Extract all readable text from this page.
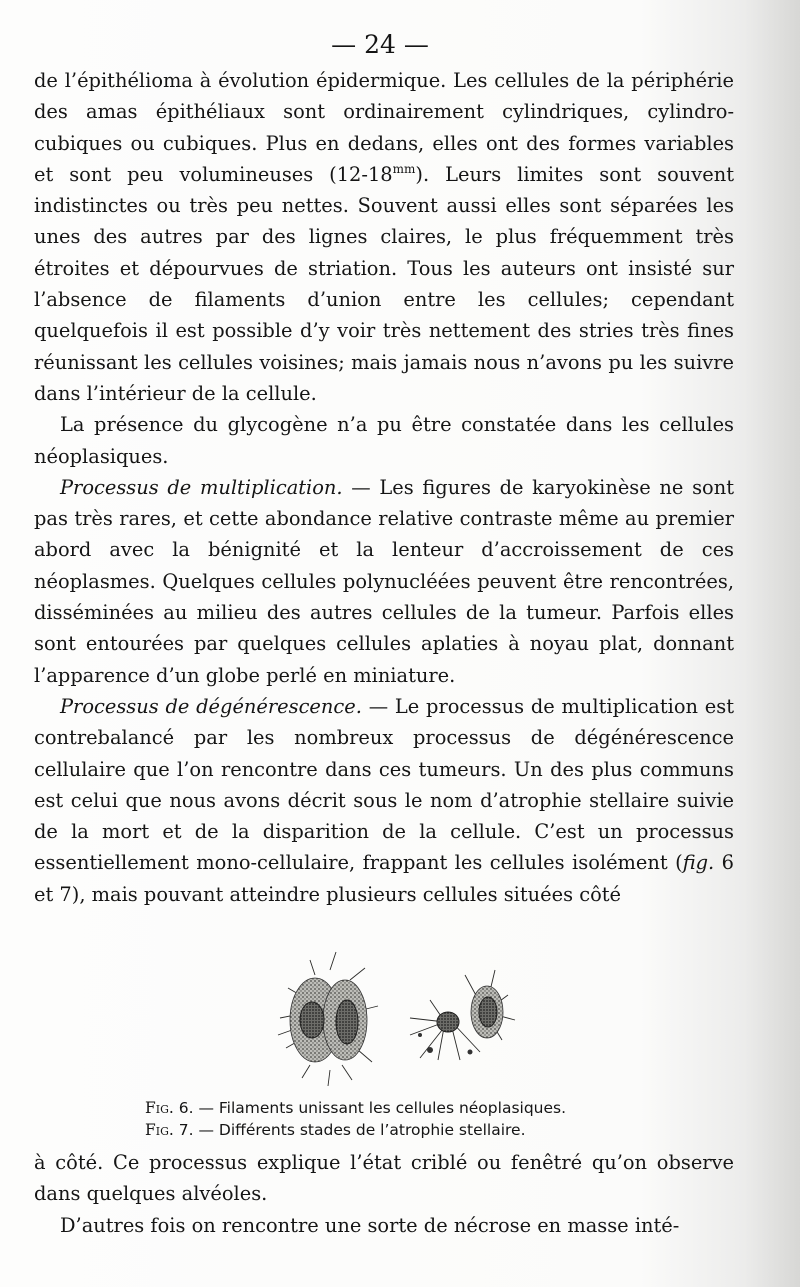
— 24 —

de l’épithélioma à évolution épidermique. Les cellules de la périphérie des amas épithéliaux sont ordinairement cylindriques, cylindro-cubiques ou cubiques. Plus en dedans, elles ont des formes variables et sont peu volumineuses $(12-18^{mm})$. Leurs limites sont souvent indistinctes ou très peu nettes. Souvent aussi elles sont séparées les unes des autres par des lignes claires, le plus fréquemment très étroites et dépourvues de striation. Tous les auteurs ont insisté sur l’absence de filaments d’union entre les cellules; cependant quelquefois il est possible d’y voir très nettement des stries très fines réunissant les cellules voisines; mais jamais nous n’avons pu les suivre dans l’intérieur de la cellule.

La présence du glycogène n’a pu être constatée dans les cellules néoplasiques.

Processus de multiplication. — Les figures de karyokinèse ne sont pas très rares, et cette abondance relative contraste même au premier abord avec la bénignité et la lenteur d’accroissement de ces néoplasmes. Quelques cellules polynucléées peuvent être rencontrées, disséminées au milieu des autres cellules de la tumeur. Parfois elles sont entourées par quelques cellules aplaties à noyau plat, donnant l’apparence d’un globe perlé en miniature.

Processus de dégénérescence. — Le processus de multiplication est contrebalancé par les nombreux processus de dégénérescence cellulaire que l’on rencontre dans ces tumeurs. Un des plus communs est celui que nous avons décrit sous le nom d’atrophie stellaire suivie de la mort et de la disparition de la cellule. C’est un processus essentiellement mono-cellulaire, frappant les cellules isolément (fig. 6 et 7), mais pouvant atteindre plusieurs cellules situées côté

Fig. 6. — Filaments unissant les cellules néoplasiques.
Fig. 7. — Différents stades de l’atrophie stellaire.

à côté. Ce processus explique l’état criblé ou fenêtré qu’on observe dans quelques alvéoles.

D’autres fois on rencontre une sorte de nécrose en masse inté-
